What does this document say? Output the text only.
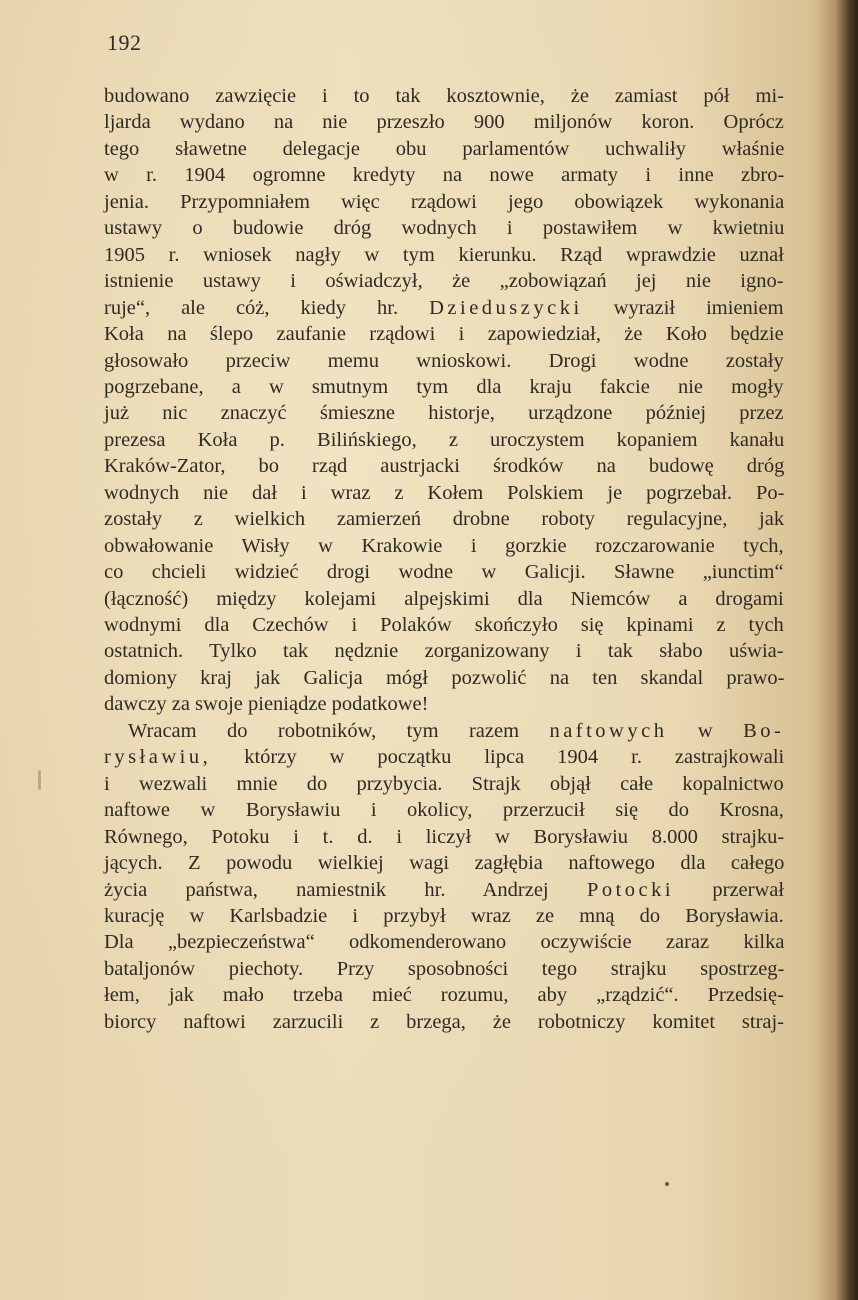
192
budowano zawzięcie i to tak kosztownie, że zamiast pół mi-
ljarda wydano na nie przeszło 900 miljonów koron. Oprócz
tego sławetne delegacje obu parlamentów uchwaliły właśnie
w r. 1904 ogromne kredyty na nowe armaty i inne zbro-
jenia. Przypomniałem więc rządowi jego obowiązek wykonania
ustawy o budowie dróg wodnych i postawiłem w kwietniu
1905 r. wniosek nagły w tym kierunku. Rząd wprawdzie uznał
istnienie ustawy i oświadczył, że „zobowiązań jej nie igno-
ruje“, ale cóż, kiedy hr. Dzieduszycki wyraził imieniem
Koła na ślepo zaufanie rządowi i zapowiedział, że Koło będzie
głosowało przeciw memu wnioskowi. Drogi wodne zostały
pogrzebane, a w smutnym tym dla kraju fakcie nie mogły
już nic znaczyć śmieszne historje, urządzone później przez
prezesa Koła p. Bilińskiego, z uroczystem kopaniem kanału
Kraków-Zator, bo rząd austrjacki środków na budowę dróg
wodnych nie dał i wraz z Kołem Polskiem je pogrzebał. Po-
zostały z wielkich zamierzeń drobne roboty regulacyjne, jak
obwałowanie Wisły w Krakowie i gorzkie rozczarowanie tych,
co chcieli widzieć drogi wodne w Galicji. Sławne „iunctim“
(łączność) między kolejami alpejskimi dla Niemców a drogami
wodnymi dla Czechów i Polaków skończyło się kpinami z tych
ostatnich. Tylko tak nędznie zorganizowany i tak słabo uświa-
domiony kraj jak Galicja mógł pozwolić na ten skandal prawo-
dawczy za swoje pieniądze podatkowe!
Wracam do robotników, tym razem naftowych w Bo-
rysławiu, którzy w początku lipca 1904 r. zastrajkowali
i wezwali mnie do przybycia. Strajk objął całe kopalnictwo
naftowe w Borysławiu i okolicy, przerzucił się do Krosna,
Równego, Potoku i t. d. i liczył w Borysławiu 8.000 strajku-
jących. Z powodu wielkiej wagi zagłębia naftowego dla całego
życia państwa, namiestnik hr. Andrzej Potocki przerwał
kurację w Karlsbadzie i przybył wraz ze mną do Borysławia.
Dla „bezpieczeństwa“ odkomenderowano oczywiście zaraz kilka
bataljonów piechoty. Przy sposobności tego strajku spostrzeg-
łem, jak mało trzeba mieć rozumu, aby „rządzić“. Przedsię-
biorcy naftowi zarzucili z brzega, że robotniczy komitet straj-
